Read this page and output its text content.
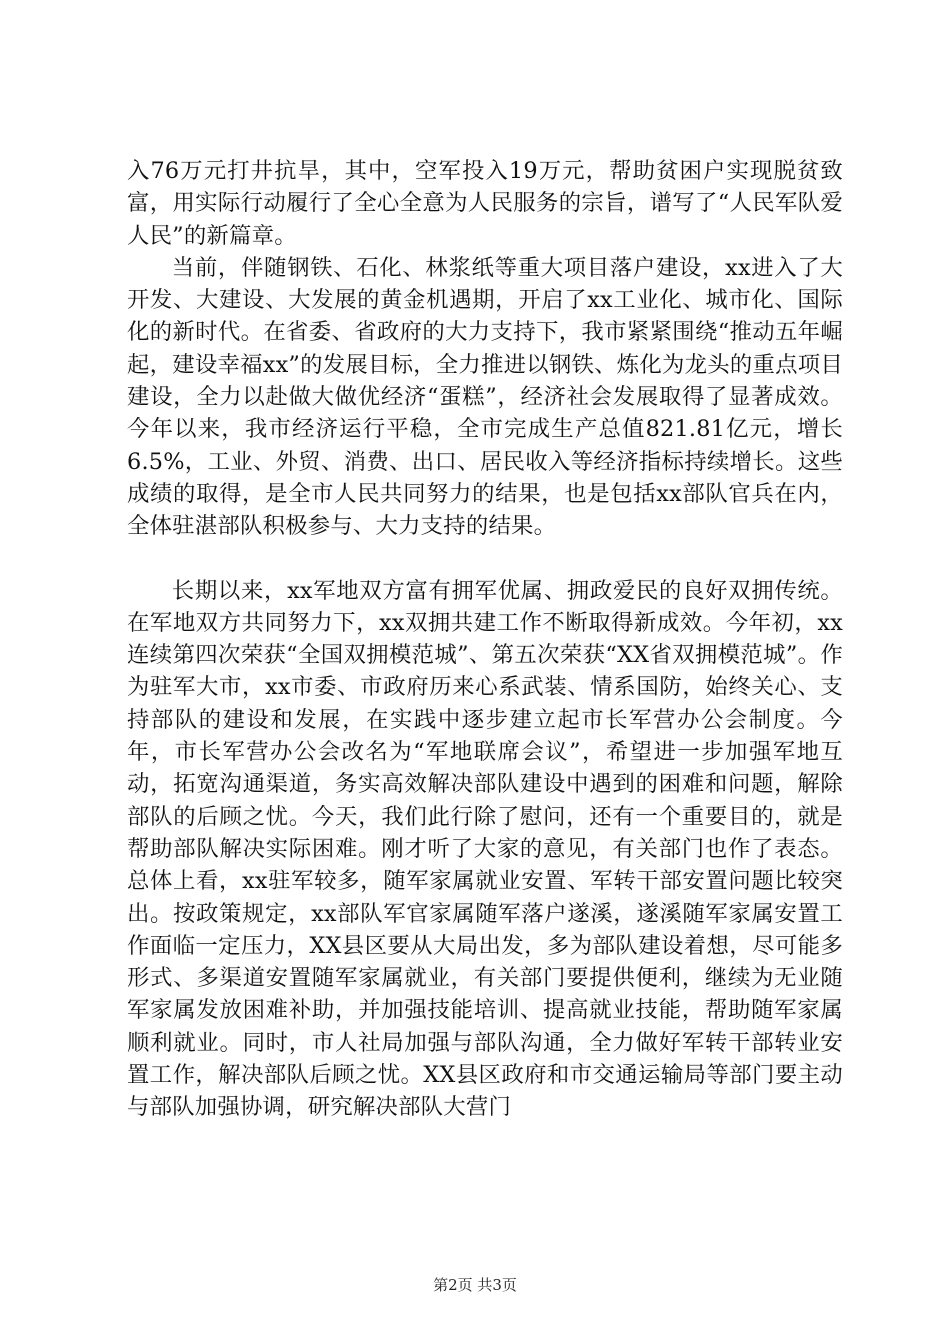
入76万元打井抗旱，其中，空军投入19万元，帮助贫困户实现脱贫致富，用实际行动履行了全心全意为人民服务的宗旨，谱写了“人民军队爱人民”的新篇章。

当前，伴随钢铁、石化、林浆纸等重大项目落户建设，xx进入了大开发、大建设、大发展的黄金机遇期，开启了xx工业化、城市化、国际化的新时代。在省委、省政府的大力支持下，我市紧紧围绕“推动五年崛起，建设幸福xx”的发展目标，全力推进以钢铁、炼化为龙头的重点项目建设，全力以赴做大做优经济“蛋糕”，经济社会发展取得了显著成效。今年以来，我市经济运行平稳，全市完成生产总值821.81亿元，增长6.5%，工业、外贸、消费、出口、居民收入等经济指标持续增长。这些成绩的取得，是全市人民共同努力的结果，也是包括xx部队官兵在内，全体驻湛部队积极参与、大力支持的结果。

长期以来，xx军地双方富有拥军优属、拥政爱民的良好双拥传统。在军地双方共同努力下，xx双拥共建工作不断取得新成效。今年初，xx连续第四次荣获“全国双拥模范城”、第五次荣获“XX省双拥模范城”。作为驻军大市，xx市委、市政府历来心系武装、情系国防，始终关心、支持部队的建设和发展，在实践中逐步建立起市长军营办公会制度。今年，市长军营办公会改名为“军地联席会议”，希望进一步加强军地互动，拓宽沟通渠道，务实高效解决部队建设中遇到的困难和问题，解除部队的后顾之忧。今天，我们此行除了慰问，还有一个重要目的，就是帮助部队解决实际困难。刚才听了大家的意见，有关部门也作了表态。总体上看，xx驻军较多，随军家属就业安置、军转干部安置问题比较突出。按政策规定，xx部队军官家属随军落户遂溪，遂溪随军家属安置工作面临一定压力，XX县区要从大局出发，多为部队建设着想，尽可能多形式、多渠道安置随军家属就业，有关部门要提供便利，继续为无业随军家属发放困难补助，并加强技能培训、提高就业技能，帮助随军家属顺利就业。同时，市人社局加强与部队沟通，全力做好军转干部转业安置工作，解决部队后顾之忧。XX县区政府和市交通运输局等部门要主动与部队加强协调，研究解决部队大营门

第2页 共3页
